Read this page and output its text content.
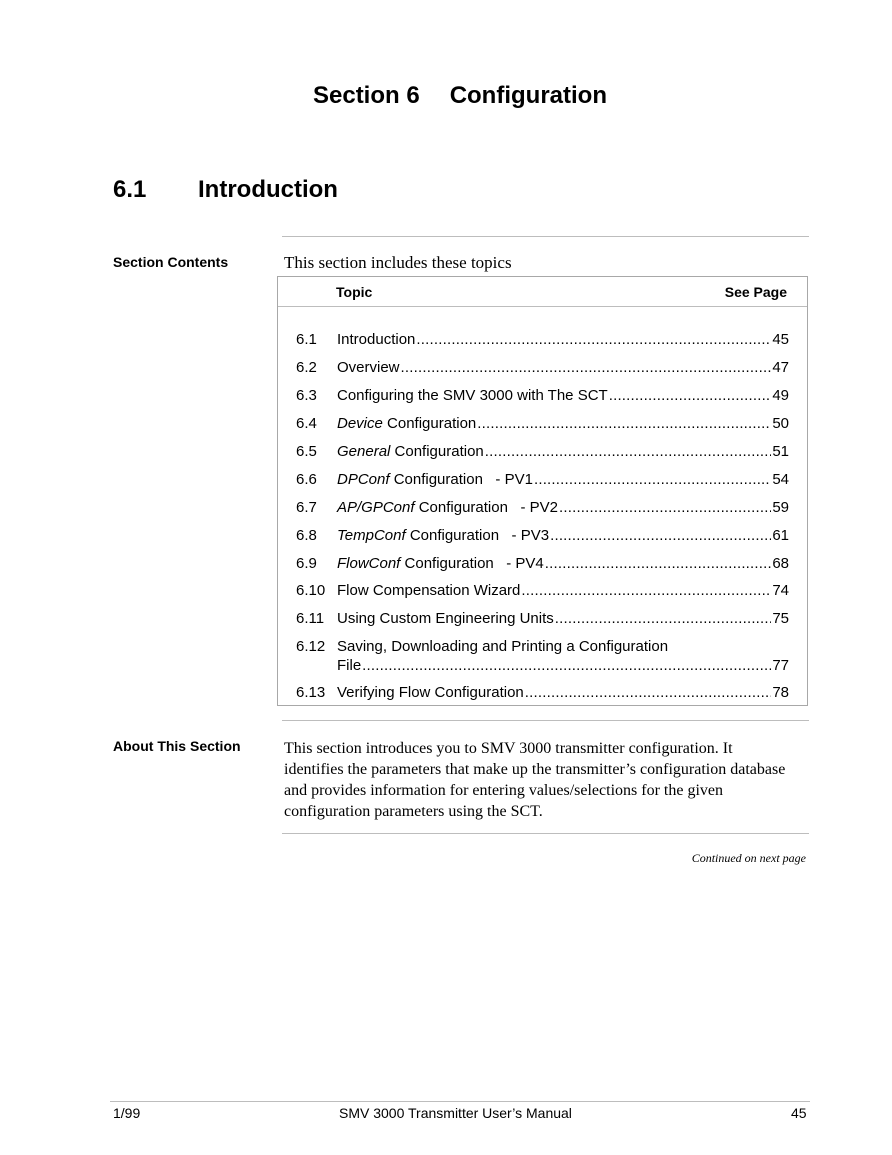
Section 6 Configuration
6.1 Introduction
Section Contents	This section includes these topics
Topic	See Page
6.1 Introduction .....	45
6.2 Overview .....	47
6.3 Configuring the SMV 3000 with The SCT .....	49
6.4 Device Configuration .....	50
6.5 General Configuration .....	51
6.6 DPConf Configuration   - PV1 .....	54
6.7 AP/GPConf Configuration   - PV2 .....	59
6.8 TempConf Configuration   - PV3 .....	61
6.9 FlowConf Configuration   - PV4 .....	68
6.10 Flow Compensation Wizard .....	74
6.11 Using Custom Engineering Units .....	75
6.12 Saving, Downloading and Printing a Configuration
File .....	77
6.13 Verifying Flow Configuration .....	78
About This Section	This section introduces you to SMV 3000 transmitter configuration. It identifies the parameters that make up the transmitter’s configuration database and provides information for entering values/selections for the given configuration parameters using the SCT.
Continued on next page
1/99	SMV 3000 Transmitter User’s Manual	45
